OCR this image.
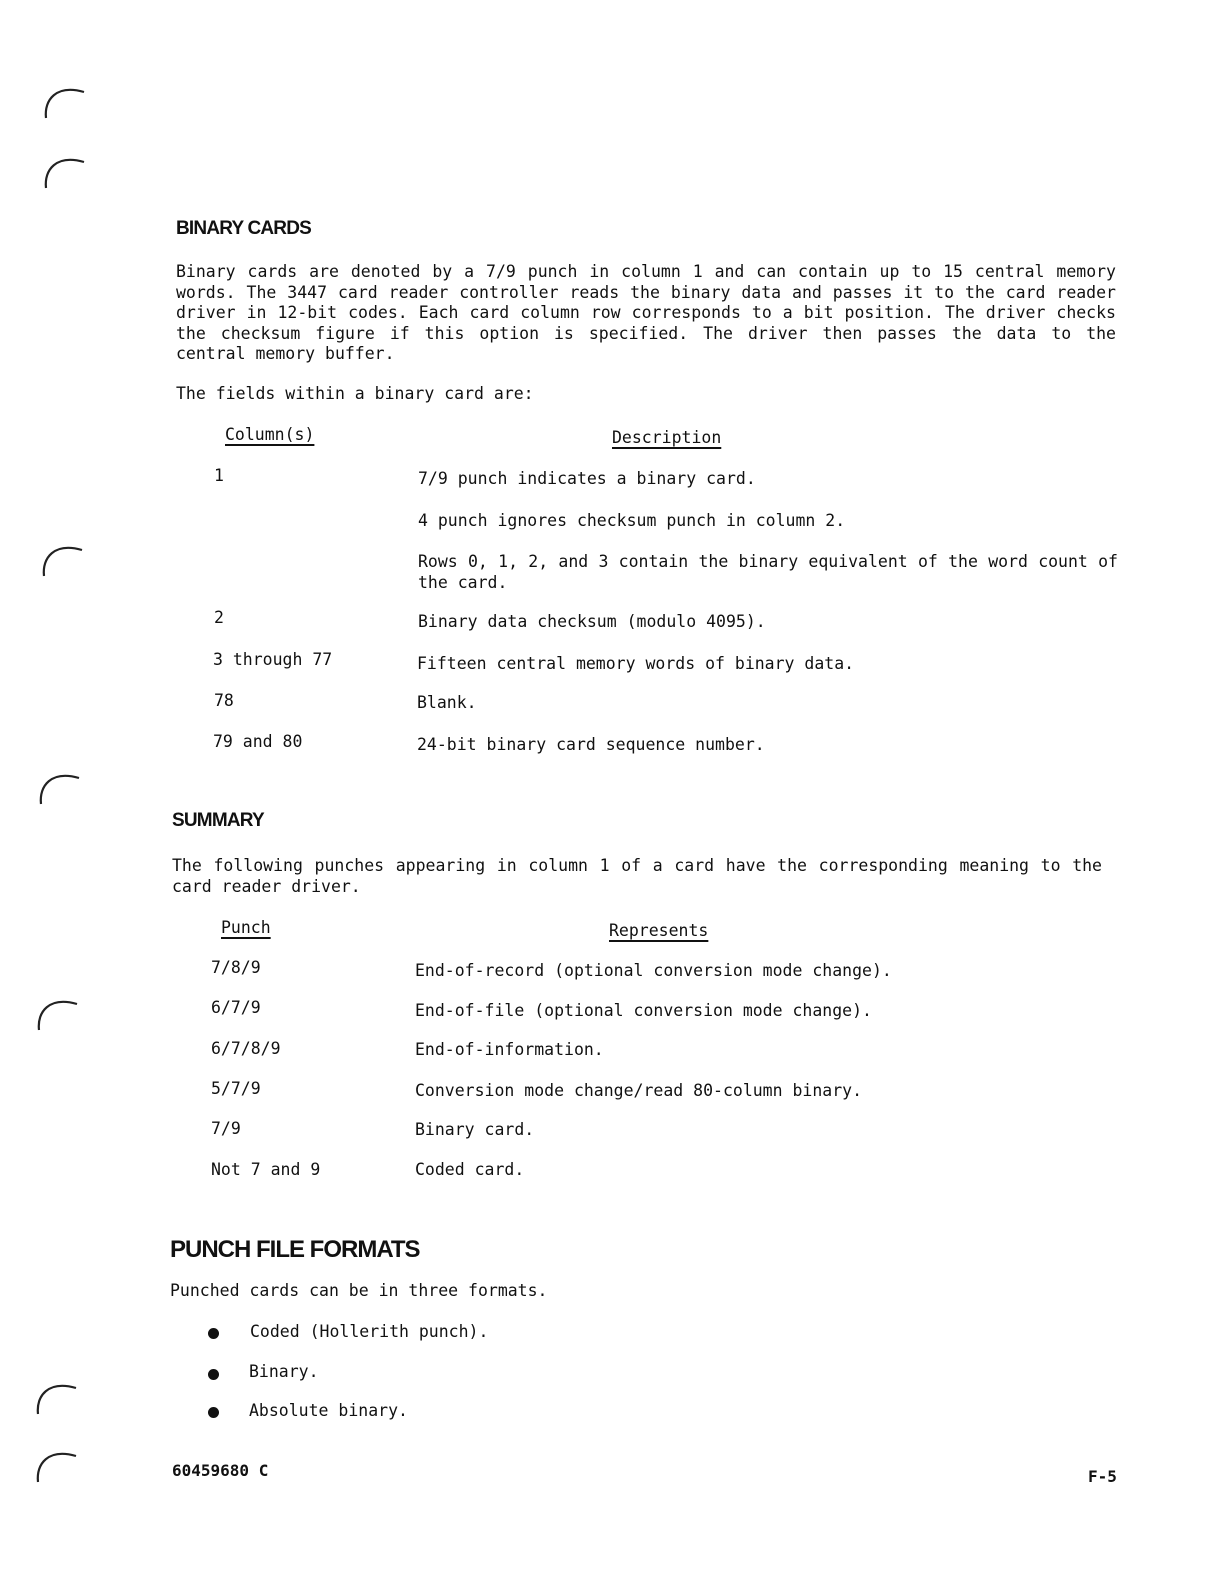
BINARY CARDS
Binary cards are denoted by a 7/9 punch in column 1 and can contain up to 15 central memory words. The 3447 card reader controller reads the binary data and passes it to the card reader driver in 12-bit codes. Each card column row corresponds to a bit position. The driver checks the checksum figure if this option is specified. The driver then passes the data to the central memory buffer.
The fields within a binary card are:
Column(s)	Description
1	7/9 punch indicates a binary card.
4 punch ignores checksum punch in column 2.
Rows 0, 1, 2, and 3 contain the binary equivalent of the word count of the card.
2	Binary data checksum (modulo 4095).
3 through 77	Fifteen central memory words of binary data.
78	Blank.
79 and 80	24-bit binary card sequence number.
SUMMARY
The following punches appearing in column 1 of a card have the corresponding meaning to the card reader driver.
Punch	Represents
7/8/9	End-of-record (optional conversion mode change).
6/7/9	End-of-file (optional conversion mode change).
6/7/8/9	End-of-information.
5/7/9	Conversion mode change/read 80-column binary.
7/9	Binary card.
Not 7 and 9	Coded card.
PUNCH FILE FORMATS
Punched cards can be in three formats.
Coded (Hollerith punch).
Binary.
Absolute binary.
60459680 C	F-5
